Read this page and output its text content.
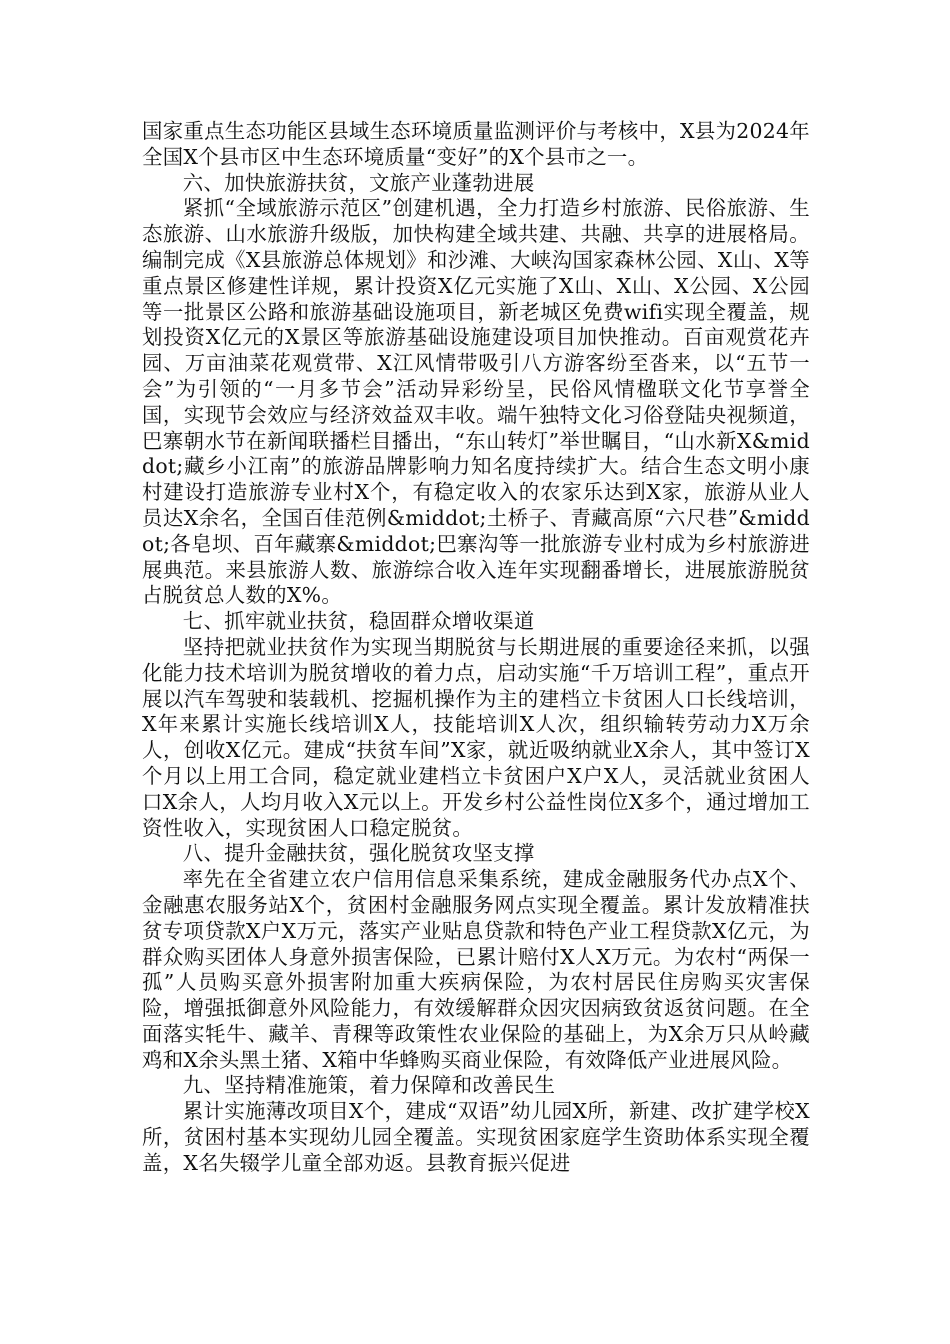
国家重点生态功能区县域生态环境质量监测评价与考核中，X县为2024年全国X个县市区中生态环境质量“变好”的X个县市之一。

六、加快旅游扶贫，文旅产业蓬勃进展

紧抓“全域旅游示范区”创建机遇，全力打造乡村旅游、民俗旅游、生态旅游、山水旅游升级版，加快构建全域共建、共融、共享的进展格局。编制完成《X县旅游总体规划》和沙滩、大峡沟国家森林公园、X山、X等重点景区修建性详规，累计投资X亿元实施了X山、X山、X公园、X公园等一批景区公路和旅游基础设施项目，新老城区免费wifi实现全覆盖，规划投资X亿元的X景区等旅游基础设施建设项目加快推动。百亩观赏花卉园、万亩油菜花观赏带、X江风情带吸引八方游客纷至沓来，以“五节一会”为引领的“一月多节会”活动异彩纷呈，民俗风情楹联文化节享誉全国，实现节会效应与经济效益双丰收。端午独特文化习俗登陆央视频道，巴寨朝水节在新闻联播栏目播出，“东山转灯”举世瞩目，“山水新X&middot;藏乡小江南”的旅游品牌影响力知名度持续扩大。结合生态文明小康村建设打造旅游专业村X个，有稳定收入的农家乐达到X家，旅游从业人员达X余名，全国百佳范例&middot;土桥子、青藏高原“六尺巷”&middot;各皂坝、百年藏寨&middot;巴寨沟等一批旅游专业村成为乡村旅游进展典范。来县旅游人数、旅游综合收入连年实现翻番增长，进展旅游脱贫占脱贫总人数的X%。

七、抓牢就业扶贫，稳固群众增收渠道

坚持把就业扶贫作为实现当期脱贫与长期进展的重要途径来抓，以强化能力技术培训为脱贫增收的着力点，启动实施“千万培训工程”，重点开展以汽车驾驶和装载机、挖掘机操作为主的建档立卡贫困人口长线培训，X年来累计实施长线培训X人，技能培训X人次，组织输转劳动力X万余人，创收X亿元。建成“扶贫车间”X家，就近吸纳就业X余人，其中签订X个月以上用工合同，稳定就业建档立卡贫困户X户X人，灵活就业贫困人口X余人，人均月收入X元以上。开发乡村公益性岗位X多个，通过增加工资性收入，实现贫困人口稳定脱贫。

八、提升金融扶贫，强化脱贫攻坚支撑

率先在全省建立农户信用信息采集系统，建成金融服务代办点X个、金融惠农服务站X个，贫困村金融服务网点实现全覆盖。累计发放精准扶贫专项贷款X户X万元，落实产业贴息贷款和特色产业工程贷款X亿元，为群众购买团体人身意外损害保险，已累计赔付X人X万元。为农村“两保一孤”人员购买意外损害附加重大疾病保险，为农村居民住房购买灾害保险，增强抵御意外风险能力，有效缓解群众因灾因病致贫返贫问题。在全面落实牦牛、藏羊、青稞等政策性农业保险的基础上，为X余万只从岭藏鸡和X余头黑土猪、X箱中华蜂购买商业保险，有效降低产业进展风险。

九、坚持精准施策，着力保障和改善民生

累计实施薄改项目X个，建成“双语”幼儿园X所，新建、改扩建学校X所，贫困村基本实现幼儿园全覆盖。实现贫困家庭学生资助体系实现全覆盖，X名失辍学儿童全部劝返。县教育振兴促进
